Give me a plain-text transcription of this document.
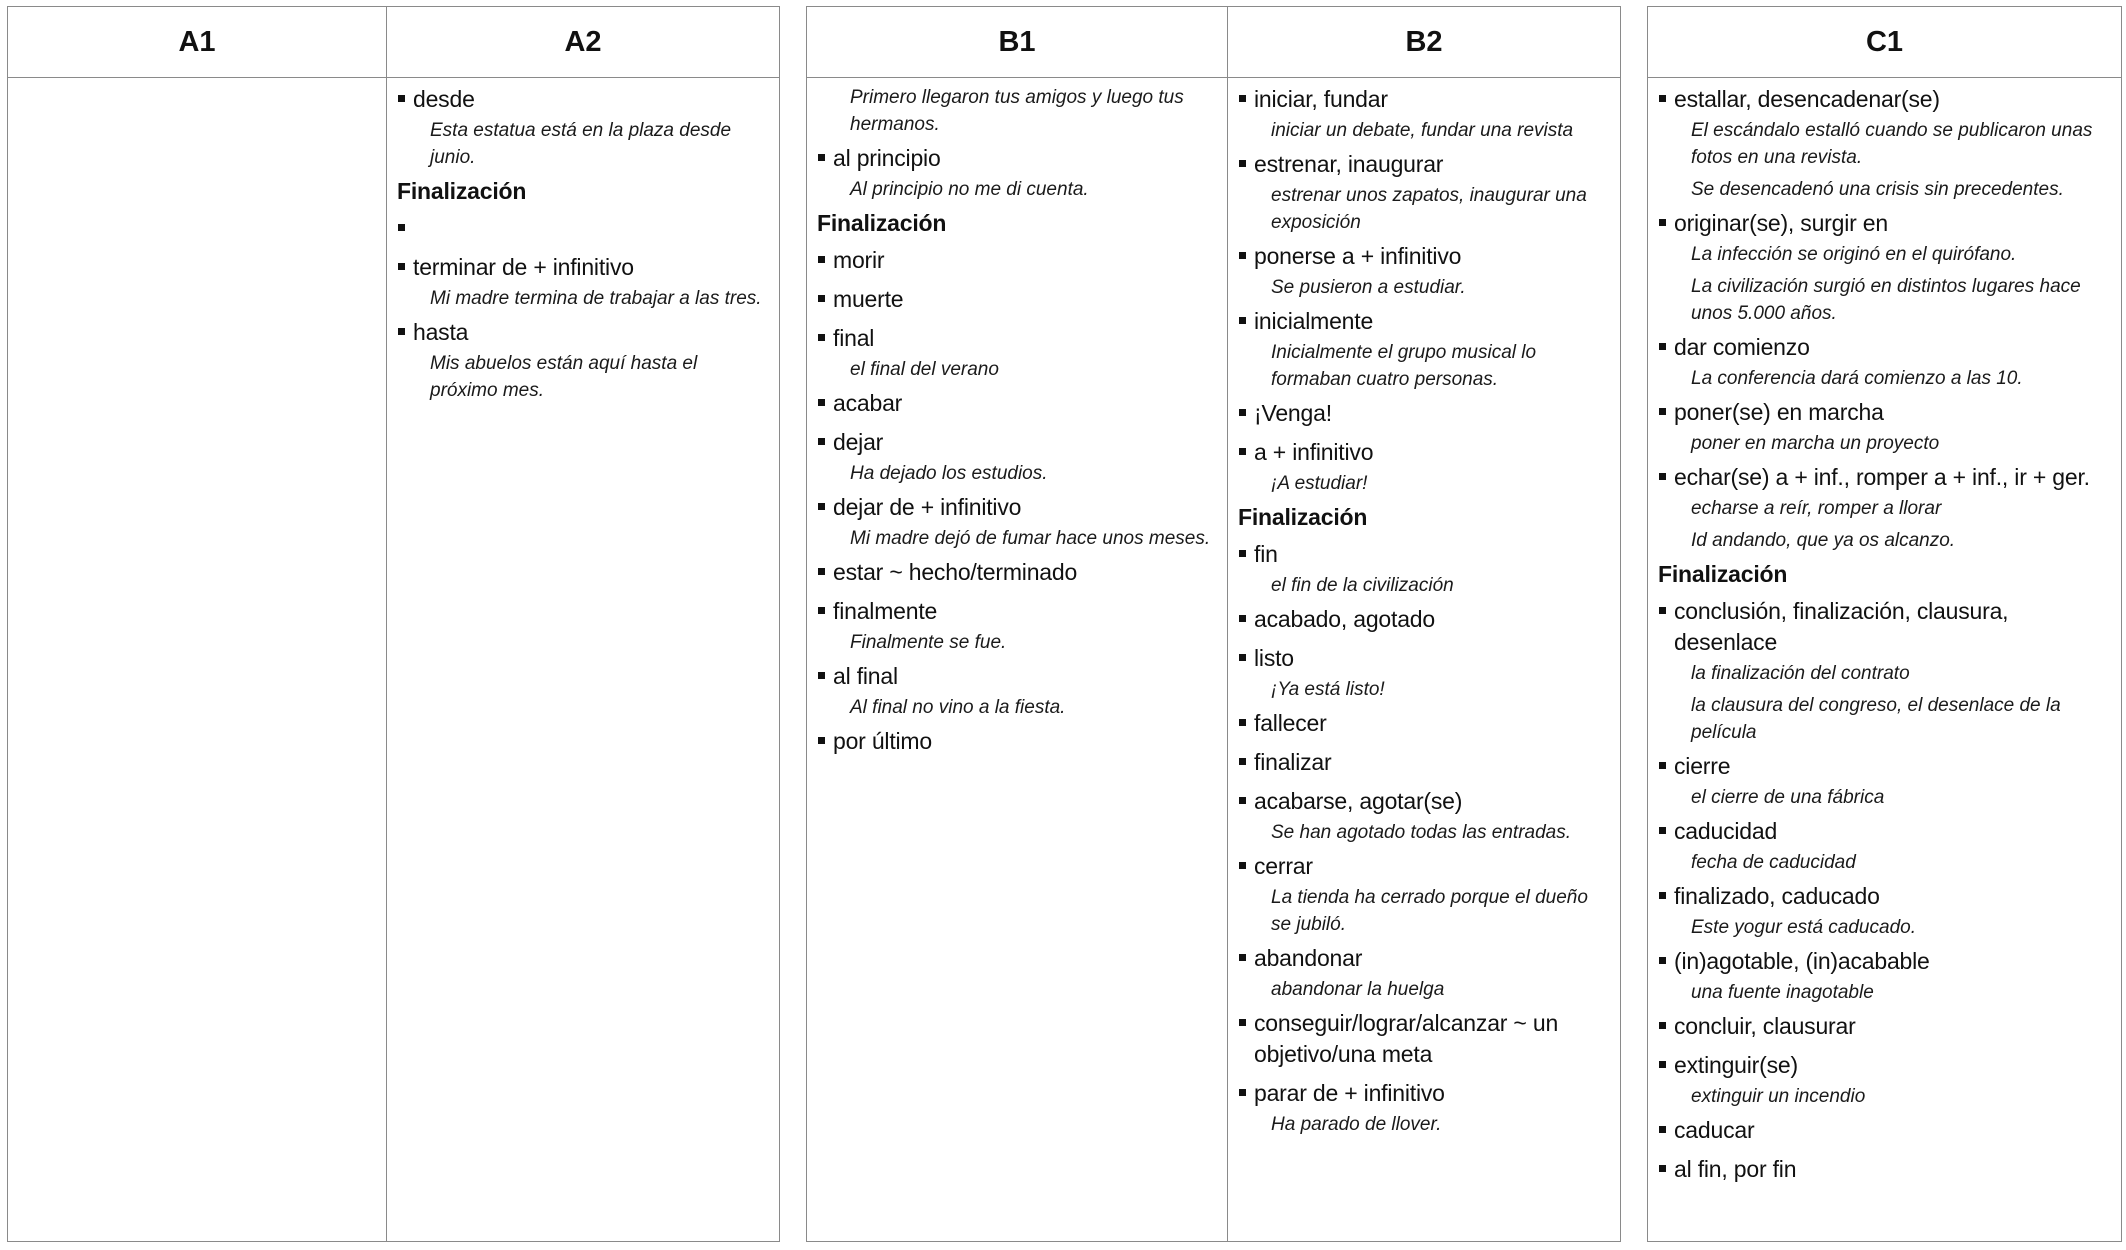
A1	A2
desde
Esta estatua está en la plaza desde junio.
Finalización

terminar de + infinitivo
Mi madre termina de trabajar a las tres.
hasta
Mis abuelos están aquí hasta el próximo mes.
B1
Primero llegaron tus amigos y luego tus hermanos.
al principio
Al principio no me di cuenta.
Finalización
morir
muerte
final
el final del verano
acabar
dejar
Ha dejado los estudios.
dejar de + infinitivo
Mi madre dejó de fumar hace unos meses.
estar ~ hecho/terminado
finalmente
Finalmente se fue.
al final
Al final no vino a la fiesta.
por último
B2
iniciar, fundar
iniciar un debate, fundar una revista
estrenar, inaugurar
estrenar unos zapatos, inaugurar una exposición
ponerse a + infinitivo
Se pusieron a estudiar.
inicialmente
Inicialmente el grupo musical lo formaban cuatro personas.
¡Venga!
a + infinitivo
¡A estudiar!
Finalización
fin
el fin de la civilización
acabado, agotado
listo
¡Ya está listo!
fallecer
finalizar
acabarse, agotar(se)
Se han agotado todas las entradas.
cerrar
La tienda ha cerrado porque el dueño se jubiló.
abandonar
abandonar la huelga
conseguir/lograr/alcanzar ~ un objetivo/una meta
parar de + infinitivo
Ha parado de llover.
C1
estallar, desencadenar(se)
El escándalo estalló cuando se publicaron unas fotos en una revista.
Se desencadenó una crisis sin precedentes.
originar(se), surgir en
La infección se originó en el quirófano.
La civilización surgió en distintos lugares hace unos 5.000 años.
dar comienzo
La conferencia dará comienzo a las 10.
poner(se) en marcha
poner en marcha un proyecto
echar(se) a + inf., romper a + inf., ir + ger.
echarse a reír, romper a llorar
Id andando, que ya os alcanzo.
Finalización
conclusión, finalización, clausura, desenlace
la finalización del contrato
la clausura del congreso, el desenlace de la película
cierre
el cierre de una fábrica
caducidad
fecha de caducidad
finalizado, caducado
Este yogur está caducado.
(in)agotable, (in)acabable
una fuente inagotable
concluir, clausurar
extinguir(se)
extinguir un incendio
caducar
al fin, por fin
